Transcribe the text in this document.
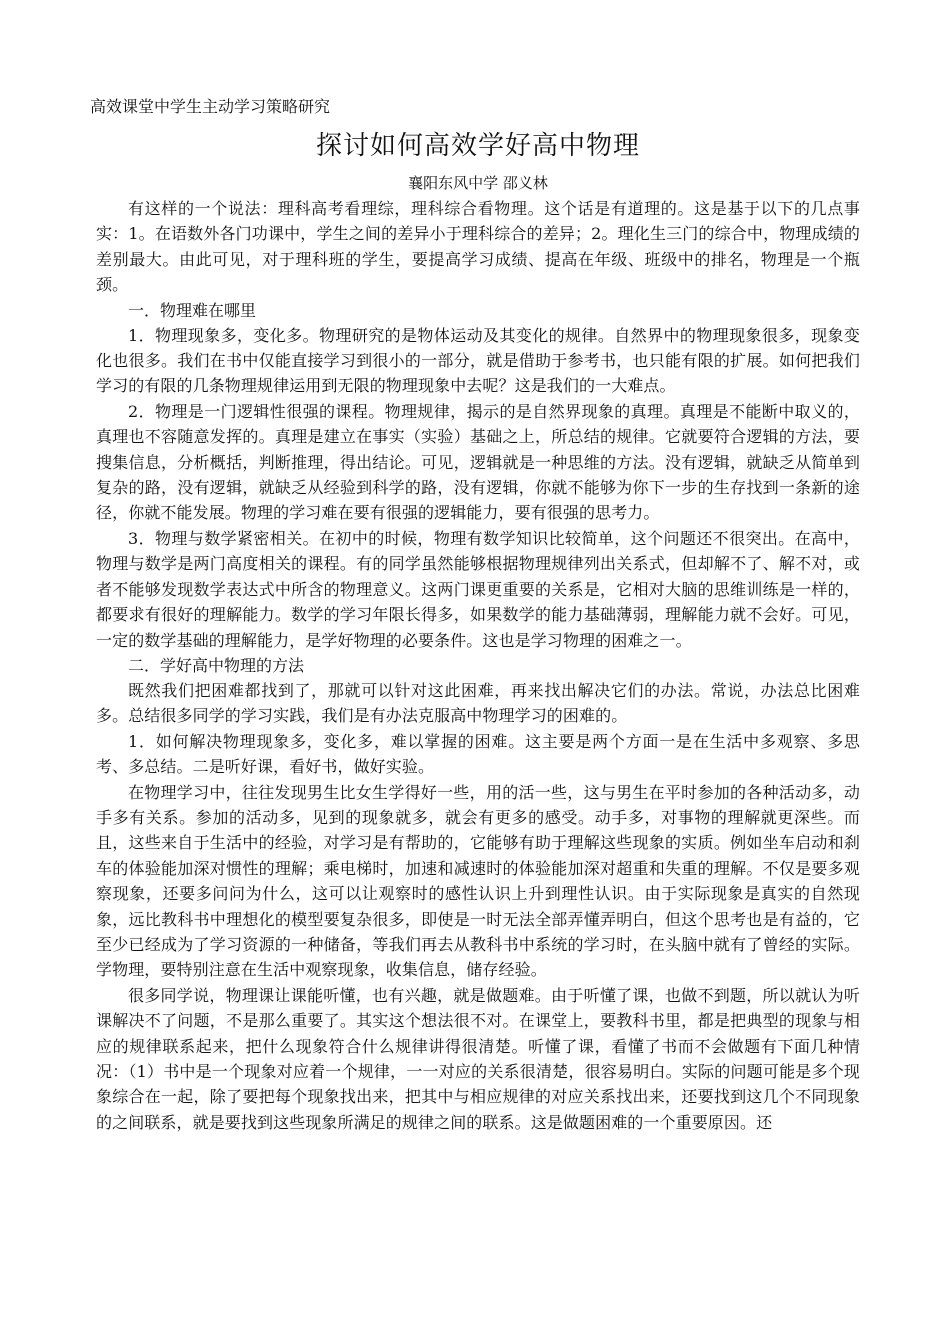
高效课堂中学生主动学习策略研究
探讨如何高效学好高中物理
襄阳东风中学 邵义林

有这样的一个说法：理科高考看理综，理科综合看物理。这个话是有道理的。这是基于以下的几点事实：1。在语数外各门功课中，学生之间的差异小于理科综合的差异；2。理化生三门的综合中，物理成绩的差别最大。由此可见，对于理科班的学生，要提高学习成绩、提高在年级、班级中的排名，物理是一个瓶颈。

一．物理难在哪里

1．物理现象多，变化多。物理研究的是物体运动及其变化的规律。自然界中的物理现象很多，现象变化也很多。我们在书中仅能直接学习到很小的一部分，就是借助于参考书，也只能有限的扩展。如何把我们学习的有限的几条物理规律运用到无限的物理现象中去呢？这是我们的一大难点。

2．物理是一门逻辑性很强的课程。物理规律，揭示的是自然界现象的真理。真理是不能断中取义的，真理也不容随意发挥的。真理是建立在事实（实验）基础之上，所总结的规律。它就要符合逻辑的方法，要搜集信息，分析概括，判断推理，得出结论。可见，逻辑就是一种思维的方法。没有逻辑，就缺乏从简单到复杂的路，没有逻辑，就缺乏从经验到科学的路，没有逻辑，你就不能够为你下一步的生存找到一条新的途径，你就不能发展。物理的学习难在要有很强的逻辑能力，要有很强的思考力。

3．物理与数学紧密相关。在初中的时候，物理有数学知识比较简单，这个问题还不很突出。在高中，物理与数学是两门高度相关的课程。有的同学虽然能够根据物理规律列出关系式，但却解不了、解不对，或者不能够发现数学表达式中所含的物理意义。这两门课更重要的关系是，它相对大脑的思维训练是一样的，都要求有很好的理解能力。数学的学习年限长得多，如果数学的能力基础薄弱，理解能力就不会好。可见，一定的数学基础的理解能力，是学好物理的必要条件。这也是学习物理的困难之一。

二．学好高中物理的方法

既然我们把困难都找到了，那就可以针对这此困难，再来找出解决它们的办法。常说，办法总比困难多。总结很多同学的学习实践，我们是有办法克服高中物理学习的困难的。

1．如何解决物理现象多，变化多，难以掌握的困难。这主要是两个方面一是在生活中多观察、多思考、多总结。二是听好课，看好书，做好实验。

在物理学习中，往往发现男生比女生学得好一些，用的活一些，这与男生在平时参加的各种活动多，动手多有关系。参加的活动多，见到的现象就多，就会有更多的感受。动手多，对事物的理解就更深些。而且，这些来自于生活中的经验，对学习是有帮助的，它能够有助于理解这些现象的实质。例如坐车启动和刹车的体验能加深对惯性的理解；乘电梯时，加速和减速时的体验能加深对超重和失重的理解。不仅是要多观察现象，还要多问问为什么，这可以让观察时的感性认识上升到理性认识。由于实际现象是真实的自然现象，远比教科书中理想化的模型要复杂很多，即使是一时无法全部弄懂弄明白，但这个思考也是有益的，它至少已经成为了学习资源的一种储备，等我们再去从教科书中系统的学习时，在头脑中就有了曾经的实际。学物理，要特别注意在生活中观察现象，收集信息，储存经验。

很多同学说，物理课让课能听懂，也有兴趣，就是做题难。由于听懂了课，也做不到题，所以就认为听课解决不了问题，不是那么重要了。其实这个想法很不对。在课堂上，要教科书里，都是把典型的现象与相应的规律联系起来，把什么现象符合什么规律讲得很清楚。听懂了课，看懂了书而不会做题有下面几种情况：（1）书中是一个现象对应着一个规律，一一对应的关系很清楚，很容易明白。实际的问题可能是多个现象综合在一起，除了要把每个现象找出来，把其中与相应规律的对应关系找出来，还要找到这几个不同现象的之间联系，就是要找到这些现象所满足的规律之间的联系。这是做题困难的一个重要原因。还
